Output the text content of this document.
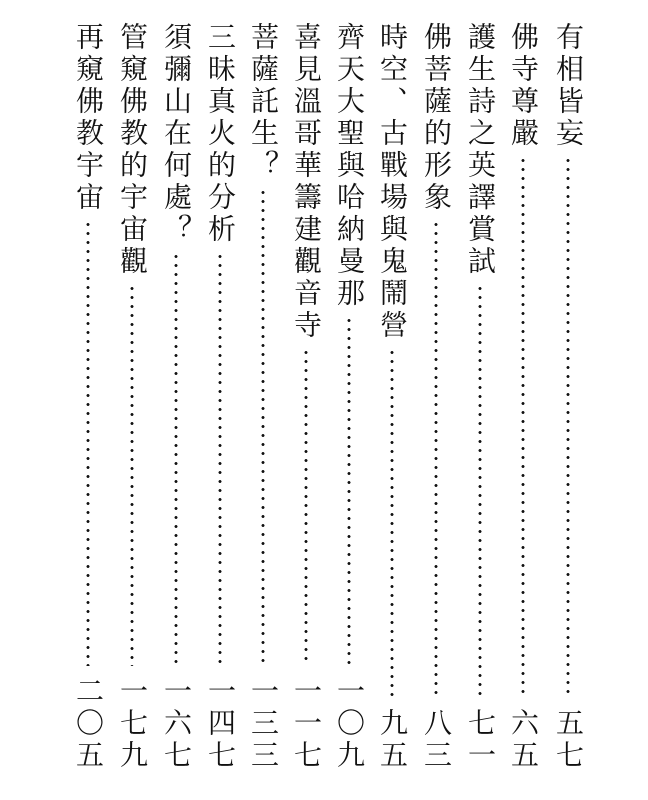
有相皆妄
五七
佛寺尊嚴
六五
護生詩之英譯賞試
七一
佛菩薩的形象
八三
時空、古戰場與鬼鬧營
九五
齊天大聖與哈納曼那
一〇九
喜見溫哥華籌建觀音寺
一一七
菩薩託生？
一三三
三昧真火的分析
一四七
須彌山在何處？
一六七
管窺佛教的宇宙觀
一七九
再窺佛教宇宙
二〇五
